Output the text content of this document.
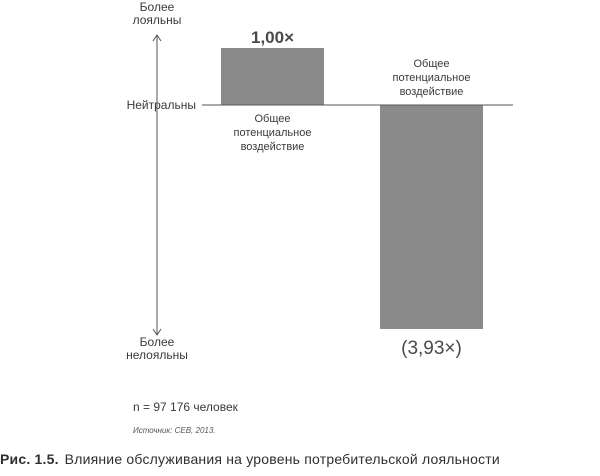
Более
лояльны
Нейтральны
Более
нелояльны
1,00×
Общее
потенциальное
воздействие
(3,93×)
Общее
потенциальное
воздействие
n = 97 176 человек
Источник: CEB, 2013.
Рис. 1.5. Влияние обслуживания на уровень потребительской лояльности
